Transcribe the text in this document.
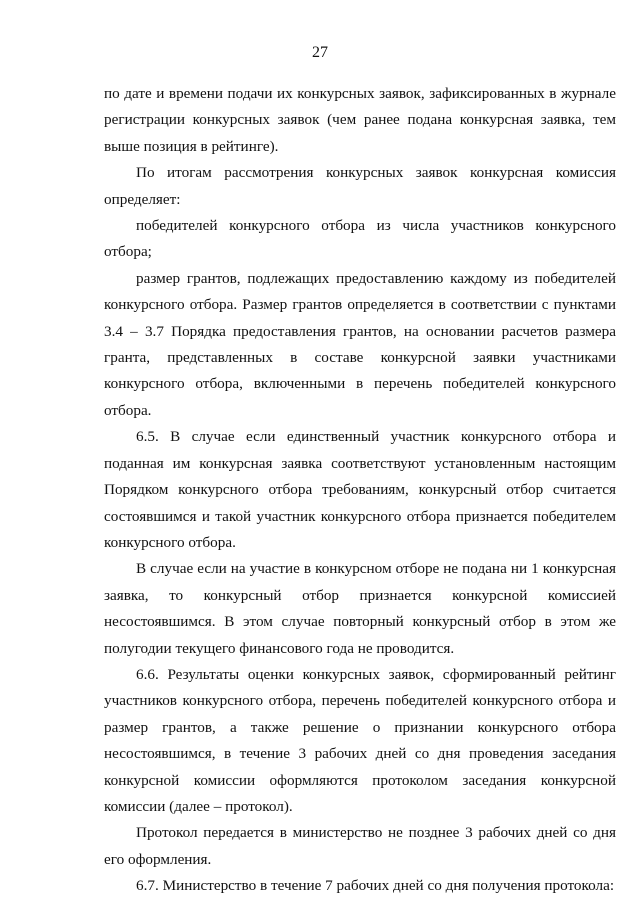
27

по дате и времени подачи их конкурсных заявок, зафиксированных в журнале регистрации конкурсных заявок (чем ранее подана конкурсная заявка, тем выше позиция в рейтинге).

По итогам рассмотрения конкурсных заявок конкурсная комиссия определяет:

победителей конкурсного отбора из числа участников конкурсного отбора;

размер грантов, подлежащих предоставлению каждому из победителей конкурсного отбора. Размер грантов определяется в соответствии с пунктами 3.4 – 3.7 Порядка предоставления грантов, на основании расчетов размера гранта, представленных в составе конкурсной заявки участниками конкурсного отбора, включенными в перечень победителей конкурсного отбора.

6.5. В случае если единственный участник конкурсного отбора и поданная им конкурсная заявка соответствуют установленным настоящим Порядком конкурсного отбора требованиям, конкурсный отбор считается состоявшимся и такой участник конкурсного отбора признается победителем конкурсного отбора.

В случае если на участие в конкурсном отборе не подана ни 1 конкурсная заявка, то конкурсный отбор признается конкурсной комиссией несостоявшимся. В этом случае повторный конкурсный отбор в этом же полугодии текущего финансового года не проводится.

6.6. Результаты оценки конкурсных заявок, сформированный рейтинг участников конкурсного отбора, перечень победителей конкурсного отбора и размер грантов, а также решение о признании конкурсного отбора несостоявшимся, в течение 3 рабочих дней со дня проведения заседания конкурсной комиссии оформляются протоколом заседания конкурсной комиссии (далее – протокол).

Протокол передается в министерство не позднее 3 рабочих дней со дня его оформления.

6.7. Министерство в течение 7 рабочих дней со дня получения протокола:
